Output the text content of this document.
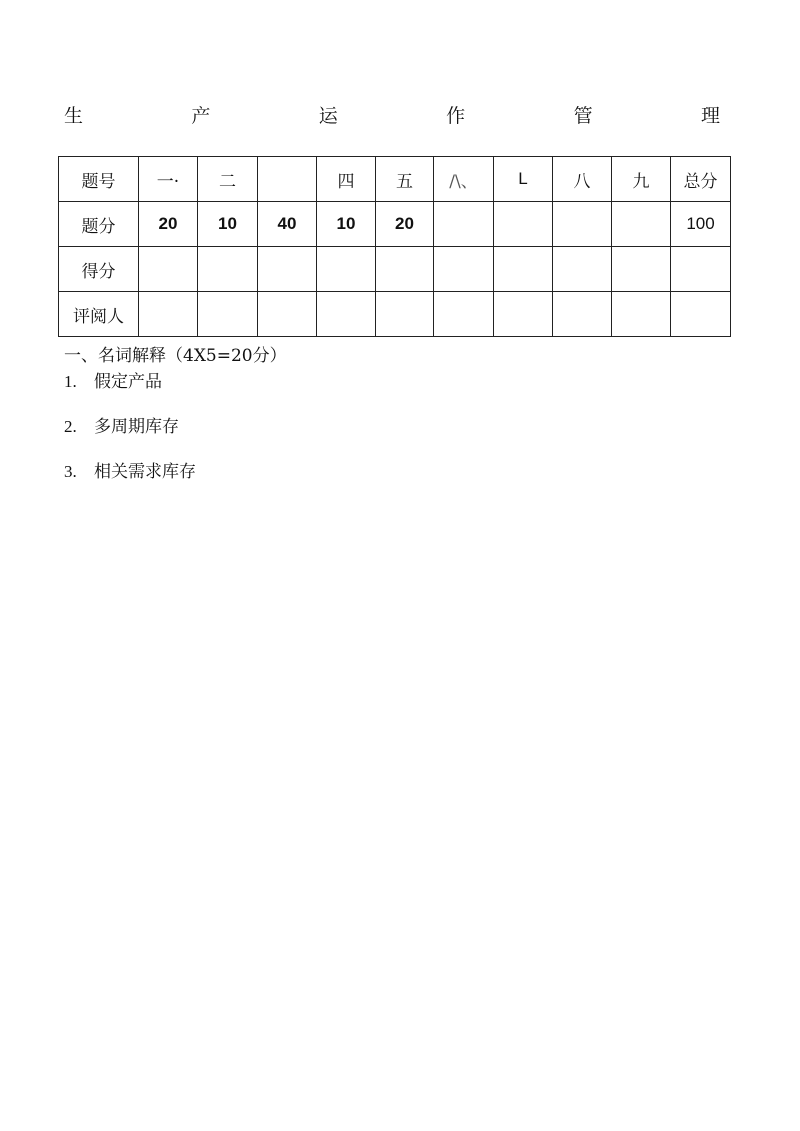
生	产	运	作	管	理
题号	一·	二		四	五	/\、	L	八	九	总分
题分	20	10	40	10	20					100
得分										
评阅人										
一、名词解释（4X5=20分）
1. 假定产品
2. 多周期库存
3. 相关需求库存
